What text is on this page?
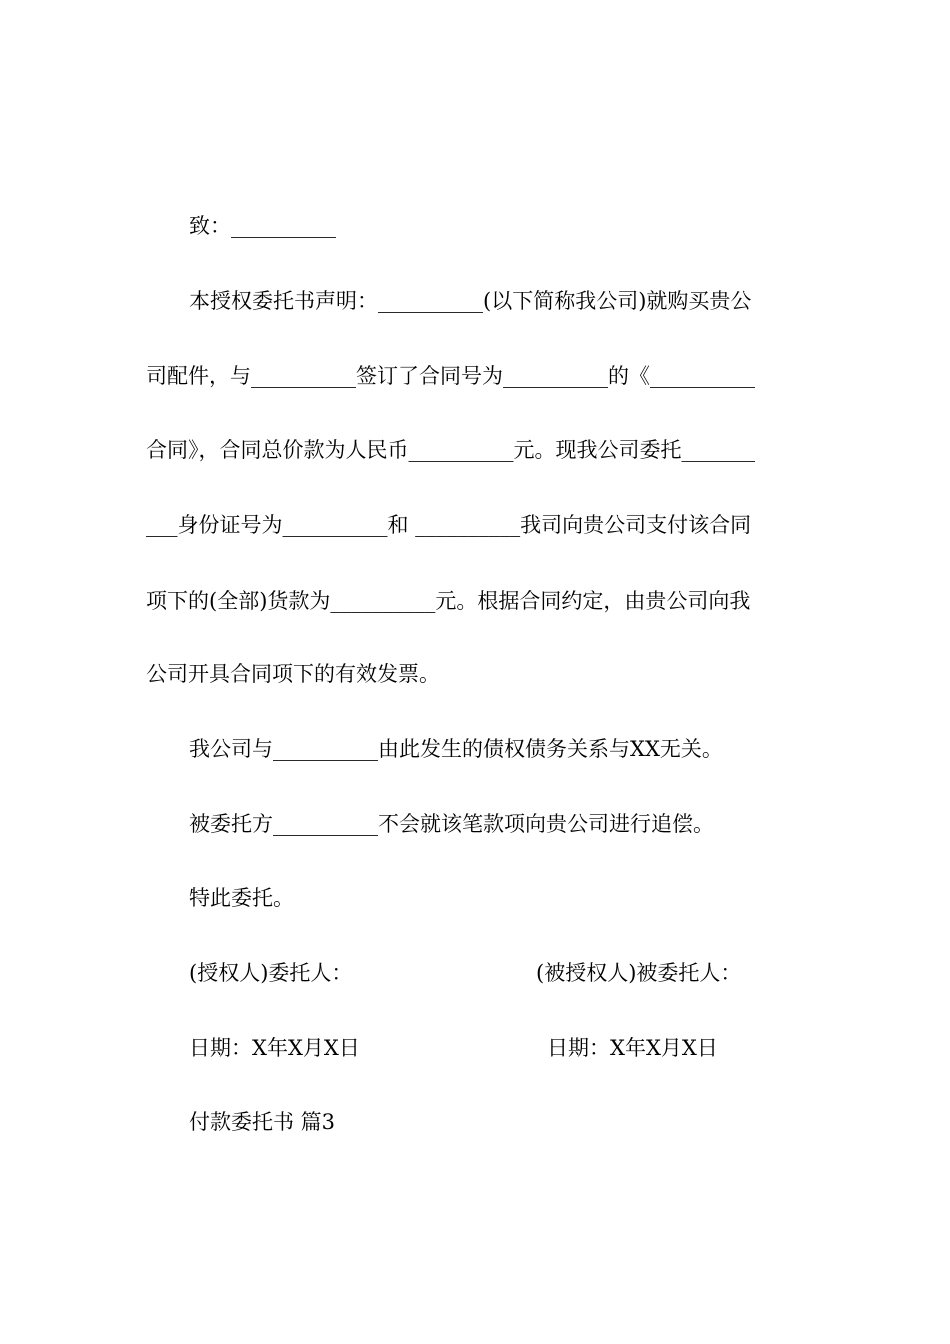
致：__________
本授权委托书声明：__________(以下简称我公司)就购买贵公
司配件，与__________签订了合同号为__________的《__________
合同》，合同总价款为人民币__________元。现我公司委托_______
___身份证号为__________和 __________我司向贵公司支付该合同
项下的(全部)货款为__________元。根据合同约定，由贵公司向我
公司开具合同项下的有效发票。
我公司与__________由此发生的债权债务关系与XX无关。
被委托方__________不会就该笔款项向贵公司进行追偿。
特此委托。
(授权人)委托人：	(被授权人)被委托人：
日期：X年X月X日	日期：X年X月X日
付款委托书 篇3
